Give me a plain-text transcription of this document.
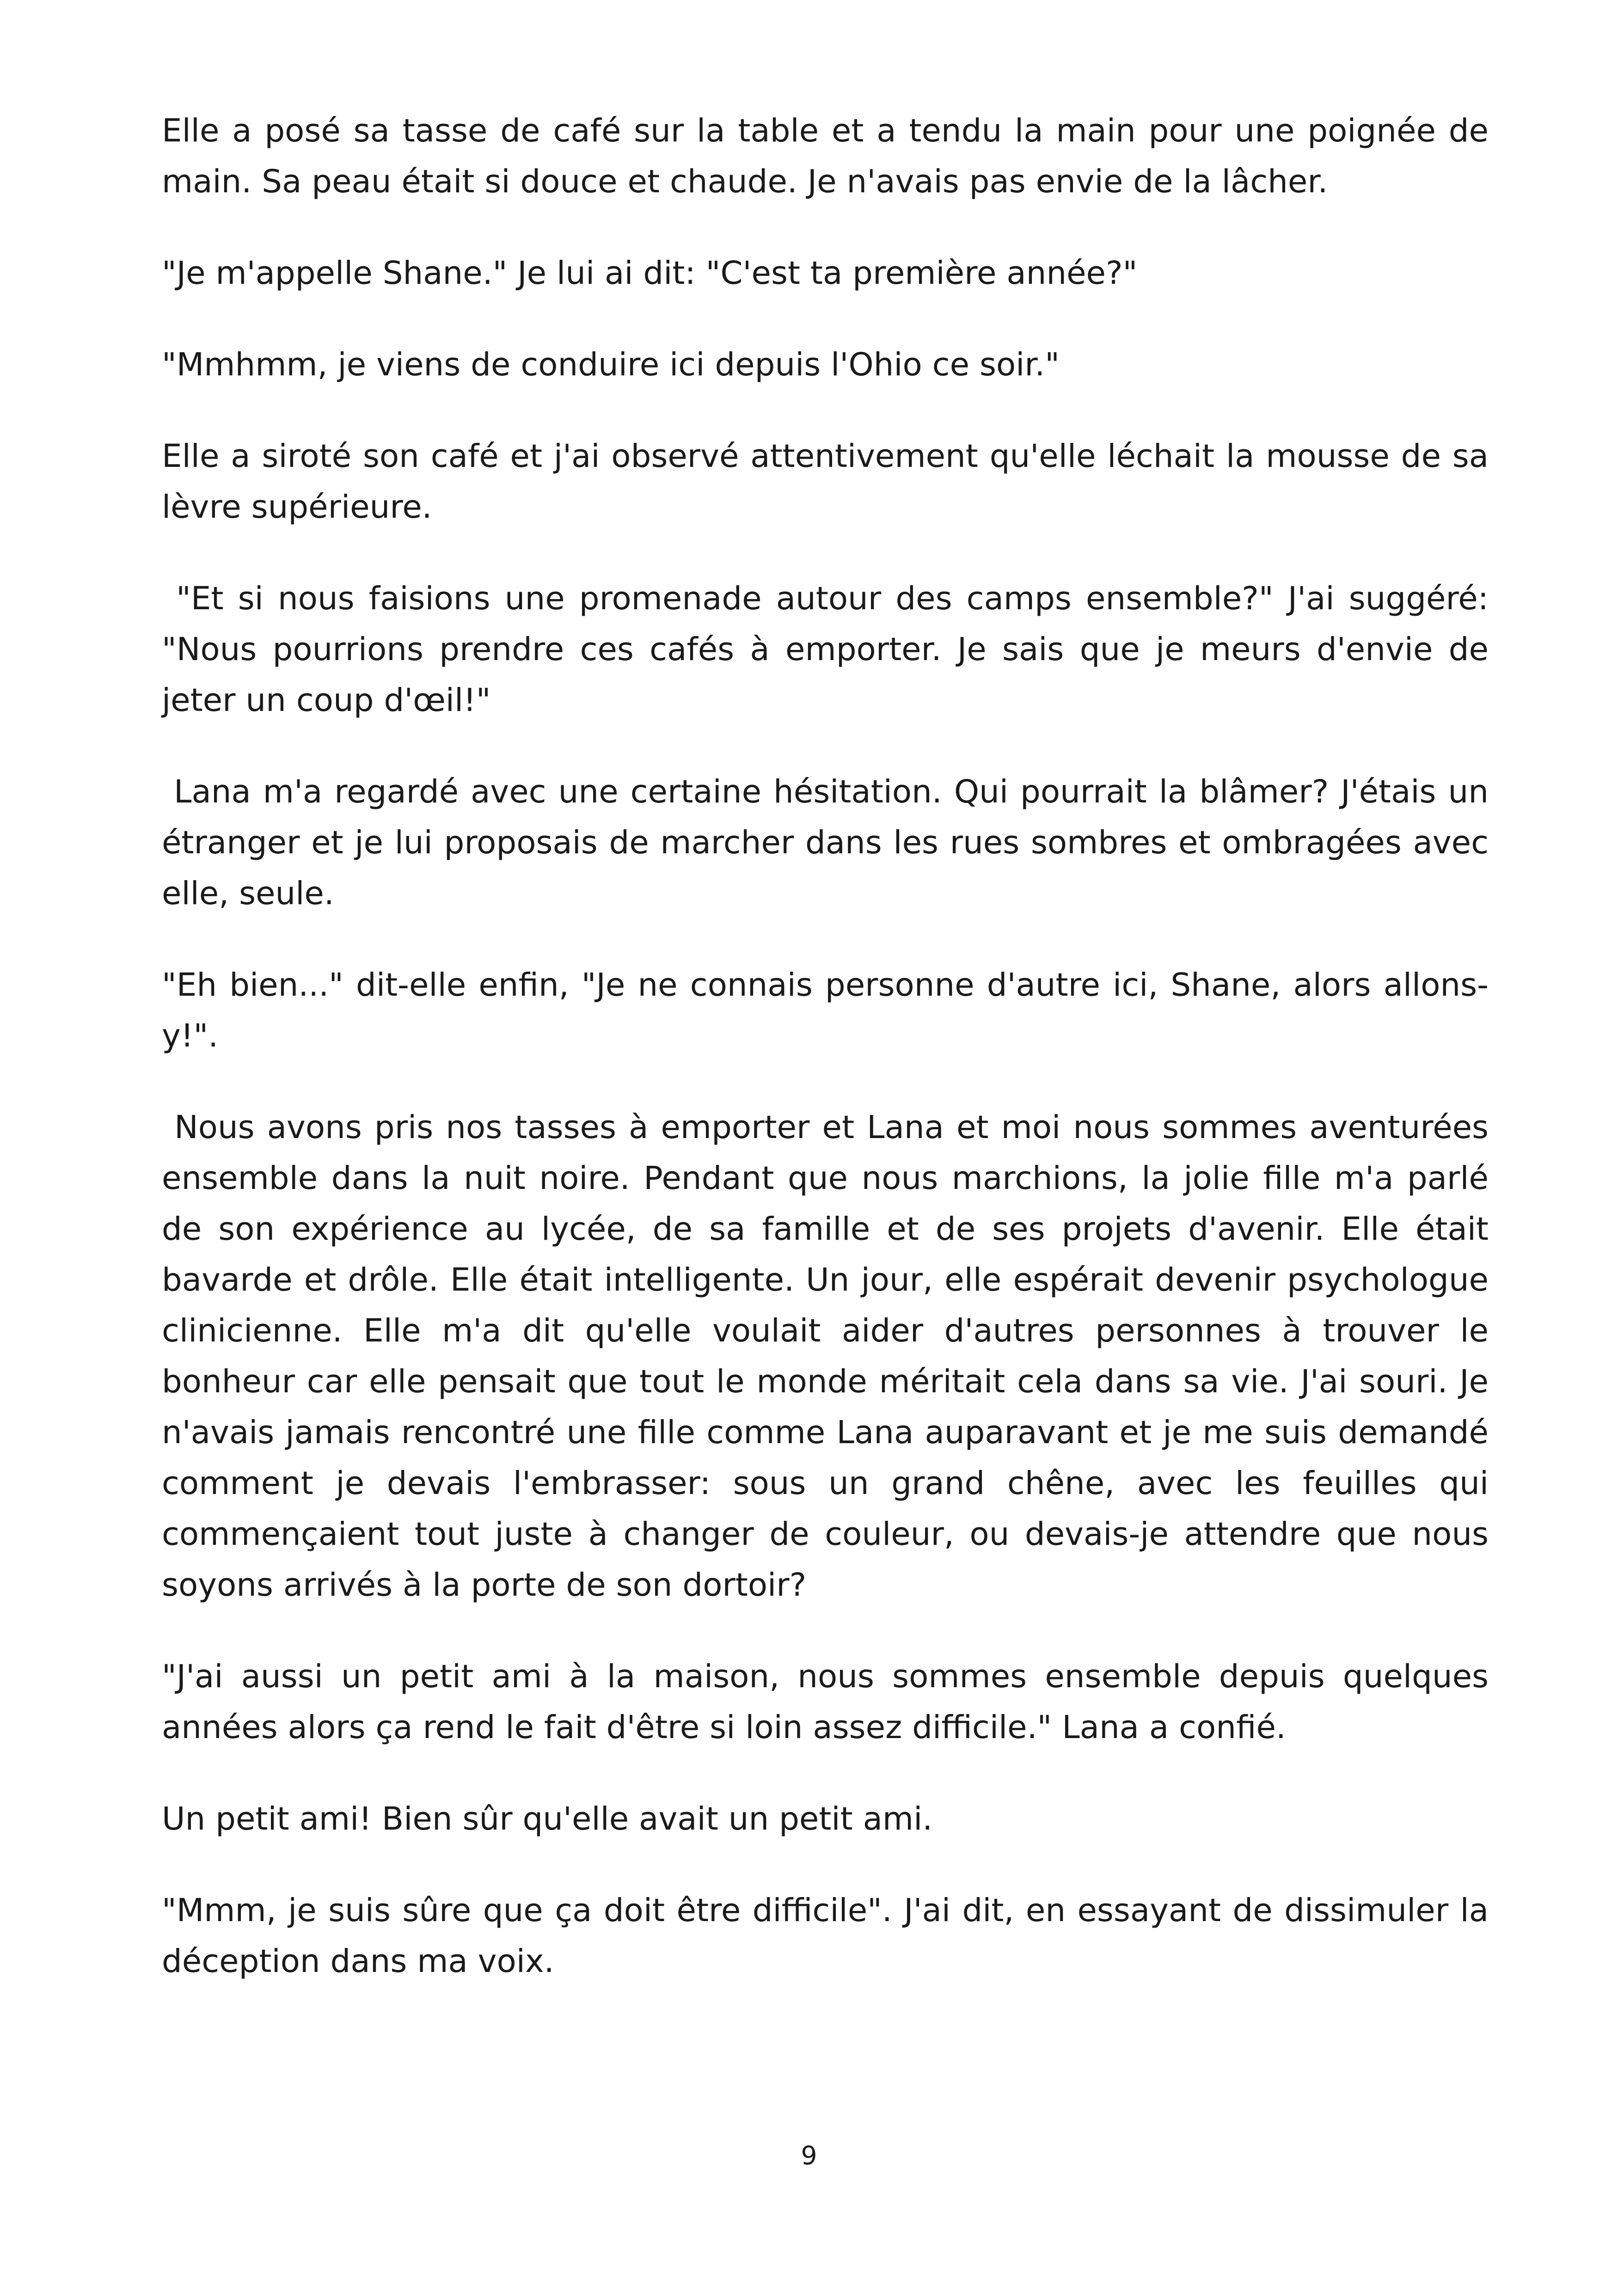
Elle a posé sa tasse de café sur la table et a tendu la main pour une poignée de main. Sa peau était si douce et chaude. Je n'avais pas envie de la lâcher.

"Je m'appelle Shane." Je lui ai dit: "C'est ta première année?"

"Mmhmm, je viens de conduire ici depuis l'Ohio ce soir."

Elle a siroté son café et j'ai observé attentivement qu'elle léchait la mousse de sa lèvre supérieure.

"Et si nous faisions une promenade autour des camps ensemble?" J'ai suggéré: "Nous pourrions prendre ces cafés à emporter. Je sais que je meurs d'envie de jeter un coup d'œil!"

Lana m'a regardé avec une certaine hésitation. Qui pourrait la blâmer? J'étais un étranger et je lui proposais de marcher dans les rues sombres et ombragées avec elle, seule.

"Eh bien..." dit-elle enfin, "Je ne connais personne d'autre ici, Shane, alors allons-y!".

Nous avons pris nos tasses à emporter et Lana et moi nous sommes aventurées ensemble dans la nuit noire. Pendant que nous marchions, la jolie fille m'a parlé de son expérience au lycée, de sa famille et de ses projets d'avenir. Elle était bavarde et drôle. Elle était intelligente. Un jour, elle espérait devenir psychologue clinicienne. Elle m'a dit qu'elle voulait aider d'autres personnes à trouver le bonheur car elle pensait que tout le monde méritait cela dans sa vie. J'ai souri. Je n'avais jamais rencontré une fille comme Lana auparavant et je me suis demandé comment je devais l'embrasser: sous un grand chêne, avec les feuilles qui commençaient tout juste à changer de couleur, ou devais-je attendre que nous soyons arrivés à la porte de son dortoir?

"J'ai aussi un petit ami à la maison, nous sommes ensemble depuis quelques années alors ça rend le fait d'être si loin assez difficile." Lana a confié.

Un petit ami! Bien sûr qu'elle avait un petit ami.

"Mmm, je suis sûre que ça doit être difficile". J'ai dit, en essayant de dissimuler la déception dans ma voix.

9
